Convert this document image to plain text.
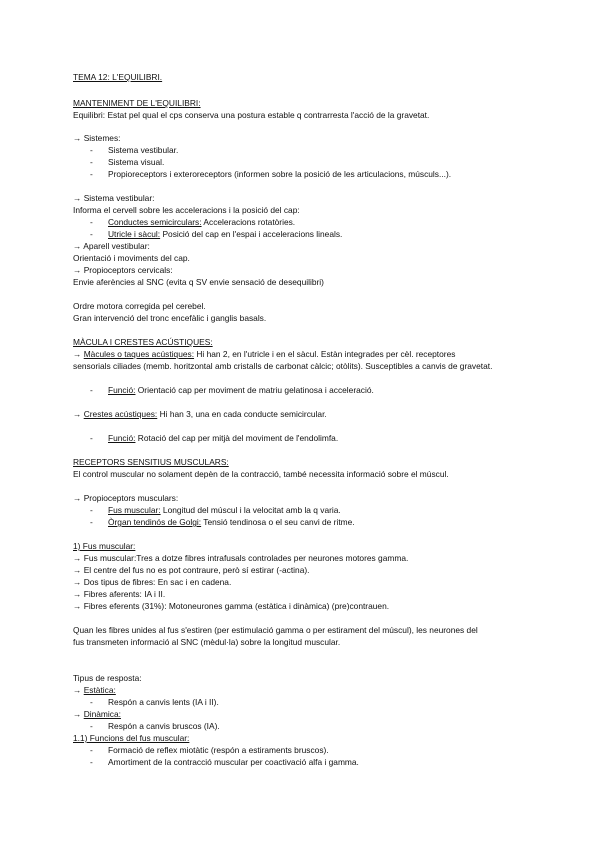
TEMA 12: L'EQUILIBRI.
MANTENIMENT DE L'EQUILIBRI:
Equilibri: Estat pel qual el cps conserva una postura estable q contrarresta l'acció de la gravetat.
→ Sistemes:
- Sistema vestibular.
- Sistema visual.
- Propioreceptors i exteroreceptors (informen sobre la posició de les articulacions, músculs...).
→ Sistema vestibular:
Informa el cervell sobre les acceleracions i la posició del cap:
- Conductes semicirculars: Acceleracions rotatòries.
- Utricle i sàcul: Posició del cap en l'espai i acceleracions lineals.
→ Aparell vestibular:
Orientació i moviments del cap.
→ Propioceptors cervicals:
Envie aferències al SNC (evita q SV envie sensació de desequilibri)
Ordre motora corregida pel cerebel.
Gran intervenció del tronc encefàlic i ganglis basals.
MÀCULA I CRESTES ACÚSTIQUES:
→ Màcules o taques acústiques: Hi han 2, en l'utricle i en el sàcul. Estàn integrades per cèl. receptores
sensorials ciliades (memb. horitzontal amb cristalls de carbonat càlcic; otòlits). Susceptibles a canvis de gravetat.
- Funció: Orientació cap per moviment de matriu gelatinosa i acceleració.
→ Crestes acústiques: Hi han 3, una en cada conducte semicircular.
- Funció: Rotació del cap per mitjà del moviment de l'endolimfa.
RECEPTORS SENSITIUS MUSCULARS:
El control muscular no solament depèn de la contracció, també necessita informació sobre el múscul.
→ Propioceptors musculars:
- Fus muscular: Longitud del múscul i la velocitat amb la q varia.
- Òrgan tendinós de Golgi: Tensió tendinosa o el seu canvi de ritme.
1) Fus muscular:
→ Fus muscular:Tres a dotze fibres intrafusals controlades per neurones motores gamma.
→ El centre del fus no es pot contraure, però sí estirar (-actina).
→ Dos tipus de fibres: En sac i en cadena.
→ Fibres aferents: IA i II.
→ Fibres eferents (31%): Motoneurones gamma (estàtica i dinàmica) (pre)contrauen.
Quan les fibres unides al fus s'estiren (per estimulació gamma o per estirament del múscul), les neurones del
fus transmeten informació al SNC (mèdul·la) sobre la longitud muscular.
Tipus de resposta:
→ Estàtica:
- Respón a canvis lents (IA i II).
→ Dinàmica:
- Respón a canvis bruscos (IA).
1.1) Funcions del fus muscular:
- Formació de reflex miotàtic (respón a estiraments bruscos).
- Amortiment de la contracció muscular per coactivació alfa i gamma.
